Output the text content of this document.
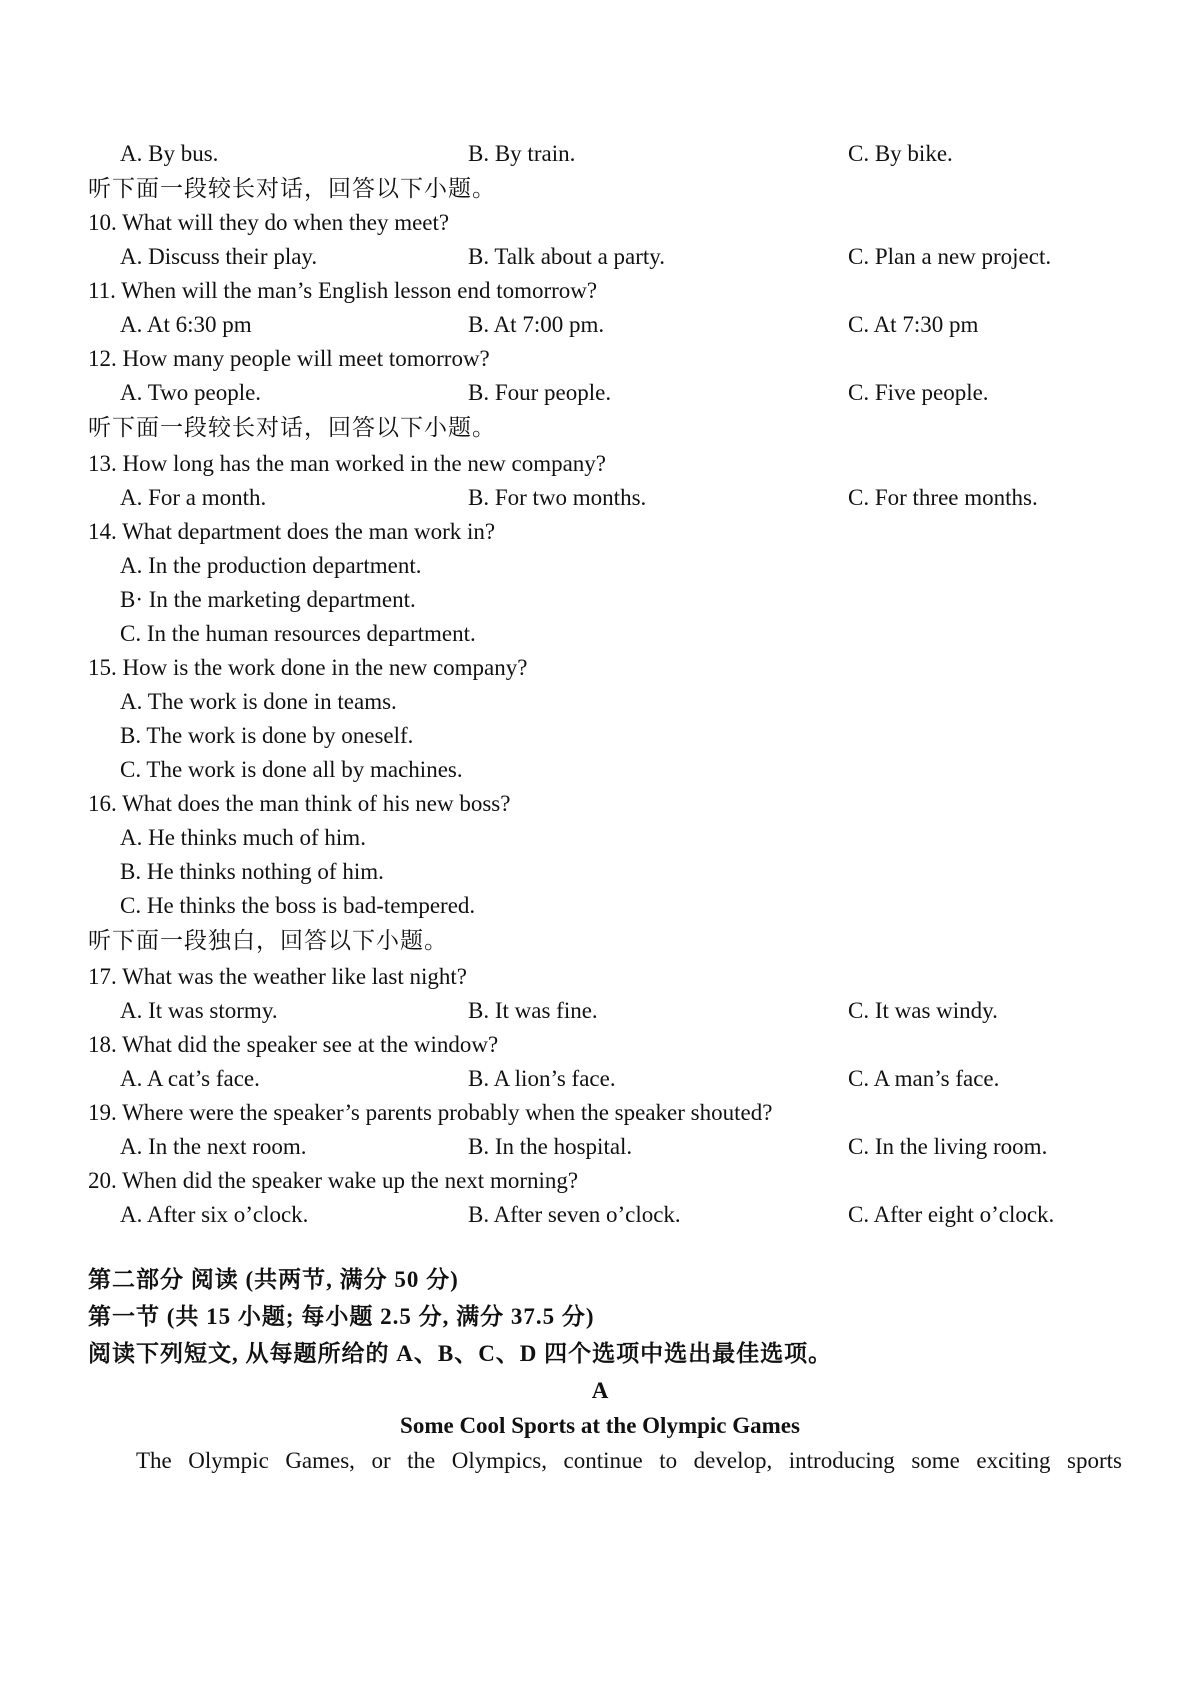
A. By bus.	B. By train.	C. By bike.
听下面一段较长对话，回答以下小题。
10. What will they do when they meet?
A. Discuss their play.	B. Talk about a party.	C. Plan a new project.
11. When will the man’s English lesson end tomorrow?
A. At 6:30 pm	B. At 7:00 pm.	C. At 7:30 pm
12. How many people will meet tomorrow?
A. Two people.	B. Four people.	C. Five people.
听下面一段较长对话，回答以下小题。
13. How long has the man worked in the new company?
A. For a month.	B. For two months.	C. For three months.
14. What department does the man work in?
A. In the production department.
B· In the marketing department.
C. In the human resources department.
15. How is the work done in the new company?
A. The work is done in teams.
B. The work is done by oneself.
C. The work is done all by machines.
16. What does the man think of his new boss?
A. He thinks much of him.
B. He thinks nothing of him.
C. He thinks the boss is bad-tempered.
听下面一段独白，回答以下小题。
17. What was the weather like last night?
A. It was stormy.	B. It was fine.	C. It was windy.
18. What did the speaker see at the window?
A. A cat’s face.	B. A lion’s face.	C. A man’s face.
19. Where were the speaker’s parents probably when the speaker shouted?
A. In the next room.	B. In the hospital.	C. In the living room.
20. When did the speaker wake up the next morning?
A. After six o’clock.	B. After seven o’clock.	C. After eight o’clock.
第二部分 阅读 (共两节, 满分 50 分)
第一节 (共 15 小题; 每小题 2.5 分, 满分 37.5 分)
阅读下列短文, 从每题所给的 A、B、C、D 四个选项中选出最佳选项。
A
Some Cool Sports at the Olympic Games
The Olympic Games, or the Olympics, continue to develop, introducing some exciting sports
